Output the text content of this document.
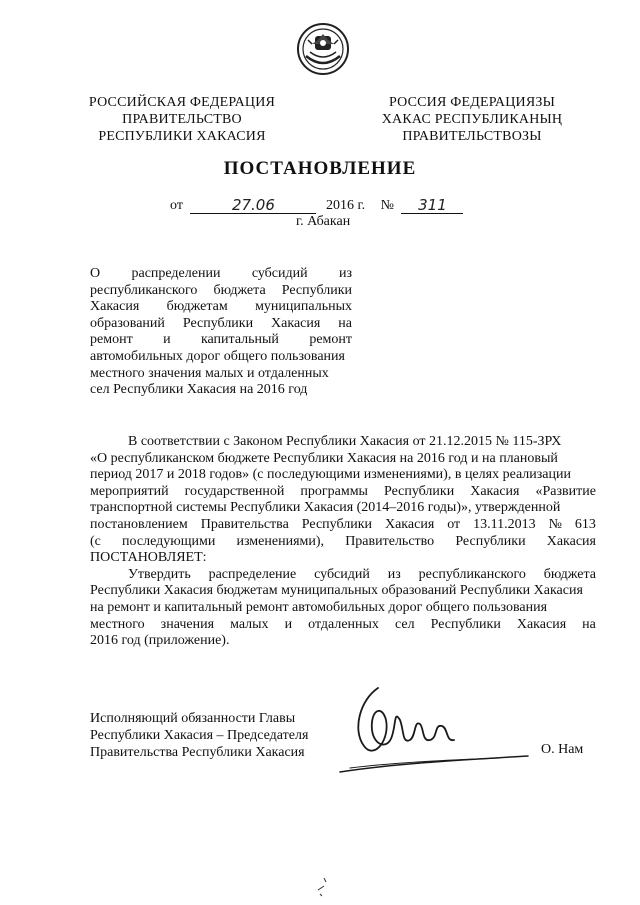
РОССИЙСКАЯ ФЕДЕРАЦИЯ
ПРАВИТЕЛЬСТВО
РЕСПУБЛИКИ ХАКАСИЯ
РОССИЯ ФЕДЕРАЦИЯЗЫ
ХАКАС РЕСПУБЛИКАНЫҢ
ПРАВИТЕЛЬСТВОЗЫ
ПОСТАНОВЛЕНИЕ
от	27.06	2016 г. № 311
г. Абакан
О распределении субсидий из
республиканского бюджета Республики
Хакасия бюджетам муниципальных
образований Республики Хакасия на
ремонт и капитальный ремонт
автомобильных дорог общего пользования
местного значения малых и отдаленных
сел Республики Хакасия на 2016 год
В соответствии с Законом Республики Хакасия от 21.12.2015 № 115-ЗРХ
«О республиканском бюджете Республики Хакасия на 2016 год и на плановый
период 2017 и 2018 годов» (с последующими изменениями), в целях реализации
мероприятий государственной программы Республики Хакасия «Развитие
транспортной системы Республики Хакасия (2014–2016 годы)», утвержденной
постановлением Правительства Республики Хакасия от 13.11.2013 № 613
(с последующими изменениями), Правительство Республики Хакасия
ПОСТАНОВЛЯЕТ:
Утвердить распределение субсидий из республиканского бюджета
Республики Хакасия бюджетам муниципальных образований Республики Хакасия
на ремонт и капитальный ремонт автомобильных дорог общего пользования
местного значения малых и отдаленных сел Республики Хакасия на
2016 год (приложение).
Исполняющий обязанности Главы
Республики Хакасия – Председателя
Правительства Республики Хакасия	О. Нам
